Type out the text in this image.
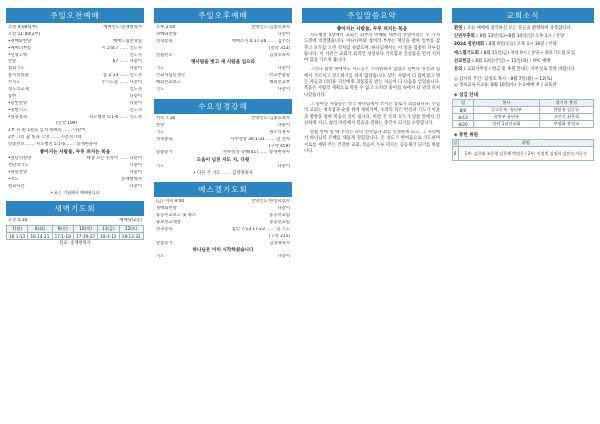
주일오전예배
오전 9:00(1부)	예배인도:송재현목사
오전 11:00(2부)
•경배와찬양	예배드림찬양팀
•예배의부름	시 2:8:7 …… 인도자
•신앙고백	인도자
찬송	67 …… 다같이
참회기도	다같이
용서의말씀	롬 2:13 …… 인도자
주기도	주기도송 …… 다같이
성도의교제	인도자
봉헌	다같이
•봉헌찬양	다같이
•봉헌기도	인도자
•성경봉독	사도행전 5:1-6 …… 인도자
(신약 199)
1부 시 편 1편을 잊지 못하리 …… 다같이
2부 그의 꿈 빛과 소망 …… 시온성가대
말씀선포 …… 사도행전 5:1-6 …… 송재현목사
좋아지는 사람들, 두루 퍼지는 복음
•결단의찬양	세상 모든 민족이 …… 다같이
결단의기도	다같이
•파송찬양	다같이
•축도	송재현목사
친교시간	다같이
• 표는 기립해서 예배합니다
새벽기도회
오전 5:30	예배당(2층)
7(월)	8(화)	9(수)	10(목)	11(금)	12(토)
16:1-13	16:14-21	17:1-18	17:19-27	18:1-12	18:13-32
설교: 송재현목사
주일오후예배
오후 2:00	찬양인도:김종호목사
경배와찬양	다같이
성경봉독	에베소서 4:17-26 …… 김주신
(신약 313)
말씀선포	김정호목사
옛사람을 벗고 새 사람을 입으라
기도	다같이
선교사님들생각	선교부합향
해외선교보고	해외선교부
기도	다같이
수요성경강해
저녁 7:30	찬양인도:김종호목사
찬양	다같이
기도	권오익권사
성경봉독	사무엘상 30:1-31 …… 남 전자
(구약 459)
말씀증거	사무엘상 강해(41) …… 송재현목사
도움이 넘친 자도 지, 다윗
기도	다같이
• 다른 주 기도 …… 김정영목사
예스겔기도회
(금) 저녁 9:00	찬양인도:한상숙집사
경배와찬양	다같이
풍동선교보고 및 목소	풍동선교팀
중보선교대상	풍동선교팀
성경봉독	잠언 7:13:17-23 …… 남 기도
(구약 215)
말씀증거	김정영목사
하나님은 이미 시작하셨습니다
기도	다같이
주일말씀요약
좋아지는 사람들, 두루 퍼지는 복음

사도행전 5장에서 교회는 외부의 박해와 내부의 분열이라는 두 가지 도전에 직면했습니다. 아나니아와 삽비라 부부는 재산을 팔아 일부를 감추고 모두를 드린 것처럼 속였으며, 하나님께서는 이 일을 엄중히 다루셨습니다. 이 사건은 교회가 외적인 성장보다 거룩함과 진실함을 먼저 지켜야 함을 가르쳐 줍니다.

그러나 핍박 속에서도 사도들은 두려워하지 않았고 날마다 성전과 집에서 가르치고 전도하기를 쉬지 않았습니다. 믿는 사람이 더 많아졌고 병든 자들과 더러운 귀신에게 괴롭힘을 받는 자들이 다 나음을 얻었습니다. 복음은 사람의 계획으로 막을 수 없고 오히려 흩어짐 속에서 더 멀리 퍼져 나갔습니다.

그 좋아진 사람들은 결국 하나님께서 쓰시는 통로가 되었습니다. 주님의 교회는 정직함과 순종 위에 세워지며, 우리의 작은 헌신과 기도가 이웃과 열방을 향한 복음의 길이 됩니다. 이번 주 우리 모두가 말씀 앞에서 진실하게 서고, 삶의 자리에서 복음을 전하는 증인이 되기를 소망합니다.

말씀 앞에 설 때 우리는 나의 연약함과 죄를 인정하게 되고, 그 자리에서 하나님의 은혜를 새롭게 경험합니다. 온 성도가 한마음으로 기도하며 서로를 세워 주는 건강한 교회, 복음이 두루 퍼지는 공동체가 되기를 바랍니다.

교회소식
환영 : 오늘 예배에 참석하신 모든 분들을 환영하며 축복합니다.
신년부흥회 : 8월 13일(토)~8월 14일(일) 오후 1시 / 본당
2024 청년대회 : 8월 6일(오늘) 오후 1시 30분 / 본당
에스겔기도회 : 8월 11일(금) 저녁 9시 / 본당 • 중보기도팀 모집
선교헌금 : 8월 13일(주일) ~ 15일(화) / YPC 예배
문의 : 교회사무실 / 헌금 및 후원 안내는 사무실로 연락 바랍니다
◎ 감사의 주간: 김정호 목사 - 8월 7일(월) ~ 12(토)
◎ 정보교류지교류: 8월 16일(수) 수요예배 후 / 교육관
◈ 섬김 안내
일	봉사	생가지 봉사
8/6	중고등부, 청년부	한맘청 김동규
8/13	유치부 유년부	고인숙 최은하
8/20	장년 1남선교회	우정화 홍성교
◈ 봉헌 위원
일	위원
8	1부: 김한대 조은영 김은혜 박성은 / 2부: 이정범 김정희 김민숙 이동숙
